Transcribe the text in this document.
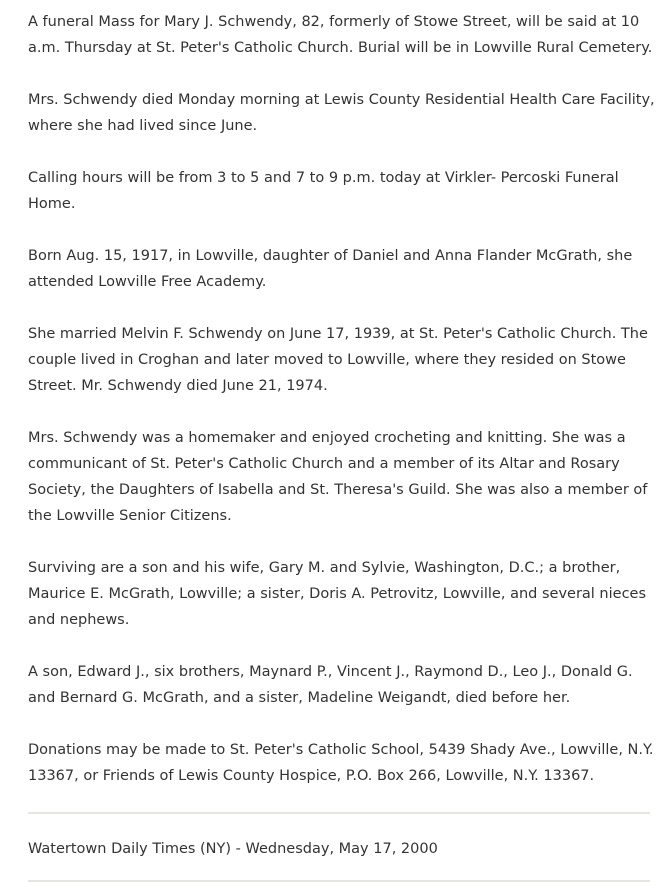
A funeral Mass for Mary J. Schwendy, 82, formerly of Stowe Street, will be said at 10 a.m. Thursday at St. Peter's Catholic Church. Burial will be in Lowville Rural Cemetery.

Mrs. Schwendy died Monday morning at Lewis County Residential Health Care Facility, where she had lived since June.

Calling hours will be from 3 to 5 and 7 to 9 p.m. today at Virkler- Percoski Funeral Home.

Born Aug. 15, 1917, in Lowville, daughter of Daniel and Anna Flander McGrath, she attended Lowville Free Academy.

She married Melvin F. Schwendy on June 17, 1939, at St. Peter's Catholic Church. The couple lived in Croghan and later moved to Lowville, where they resided on Stowe Street. Mr. Schwendy died June 21, 1974.

Mrs. Schwendy was a homemaker and enjoyed crocheting and knitting. She was a communicant of St. Peter's Catholic Church and a member of its Altar and Rosary Society, the Daughters of Isabella and St. Theresa's Guild. She was also a member of the Lowville Senior Citizens.

Surviving are a son and his wife, Gary M. and Sylvie, Washington, D.C.; a brother, Maurice E. McGrath, Lowville; a sister, Doris A. Petrovitz, Lowville, and several nieces and nephews.

A son, Edward J., six brothers, Maynard P., Vincent J., Raymond D., Leo J., Donald G. and Bernard G. McGrath, and a sister, Madeline Weigandt, died before her.

Donations may be made to St. Peter's Catholic School, 5439 Shady Ave., Lowville, N.Y. 13367, or Friends of Lewis County Hospice, P.O. Box 266, Lowville, N.Y. 13367.

Watertown Daily Times (NY) - Wednesday, May 17, 2000
